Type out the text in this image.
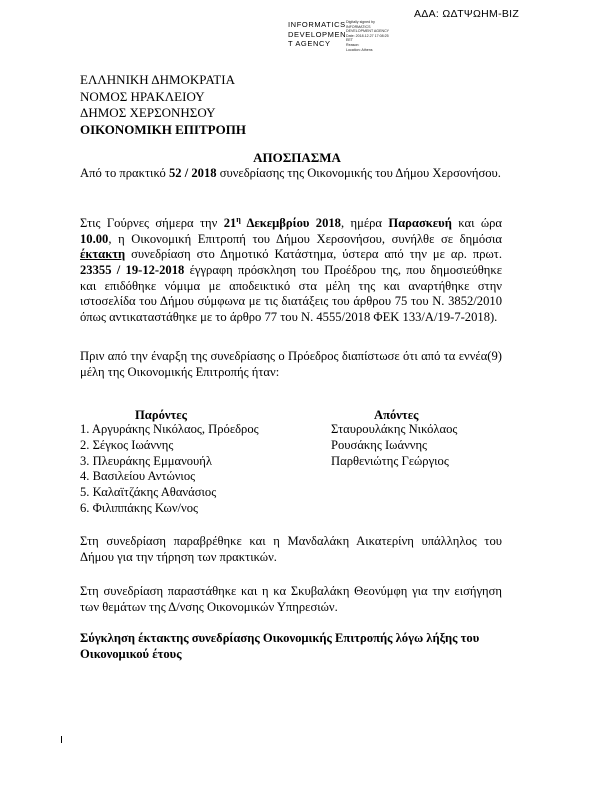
ΑΔΑ: ΩΔΤΨΩΗΜ-ΒΙΖ
INFORMATICS
DEVELOPMEN
T AGENCY
Digitally signed by
INFORMATICS
DEVELOPMENT AGENCY
Date: 2018.12.27 17:08:25
EET
Reason:
Location: Athens
ΕΛΛΗΝΙΚΗ ΔΗΜΟΚΡΑΤΙΑ
ΝΟΜΟΣ ΗΡΑΚΛΕΙΟΥ
ΔΗΜΟΣ ΧΕΡΣΟΝΗΣΟΥ
ΟΙΚΟΝΟΜΙΚΗ ΕΠΙΤΡΟΠΗ
ΑΠΟΣΠΑΣΜΑ
Από το πρακτικό 52 / 2018 συνεδρίασης της Οικονομικής του Δήμου Χερσονήσου.
Στις Γούρνες σήμερα την $21^\eta$ Δεκεμβρίου 2018, ημέρα Παρασκευή και ώρα 10.00, η Οικονομική Επιτροπή του Δήμου Χερσονήσου, συνήλθε σε δημόσια έκτακτη συνεδρίαση στο Δημοτικό Κατάστημα, ύστερα από την με αρ. πρωτ. 23355 / 19-12-2018 έγγραφη πρόσκληση του Προέδρου της, που δημοσιεύθηκε και επιδόθηκε νόμιμα με αποδεικτικό στα μέλη της και αναρτήθηκε στην ιστοσελίδα του Δήμου σύμφωνα με τις διατάξεις του άρθρου 75 του Ν. 3852/2010 όπως αντικαταστάθηκε με το άρθρο 77 του Ν. 4555/2018 ΦΕΚ 133/Α/19-7-2018).
Πριν από την έναρξη της συνεδρίασης ο Πρόεδρος διαπίστωσε ότι από τα εννέα(9) μέλη της Οικονομικής Επιτροπής ήταν:
Παρόντες	Απόντες
1. Αργυράκης Νικόλαος, Πρόεδρος
2. Σέγκος Ιωάννης
3. Πλευράκης Εμμανουήλ
4. Βασιλείου Αντώνιος
5. Καλαϊτζάκης Αθανάσιος
6. Φιλιππάκης Κων/νος
Σταυρουλάκης Νικόλαος
Ρουσάκης Ιωάννης
Παρθενιώτης Γεώργιος
Στη συνεδρίαση παραβρέθηκε και η Μανδαλάκη Αικατερίνη υπάλληλος του Δήμου για την τήρηση των πρακτικών.
Στη συνεδρίαση παραστάθηκε και η κα Σκυβαλάκη Θεονύμφη για την εισήγηση των θεμάτων της Δ/νσης Οικονομικών Υπηρεσιών.
Σύγκληση έκτακτης συνεδρίασης Οικονομικής Επιτροπής λόγω λήξης του Οικονομικού έτους
